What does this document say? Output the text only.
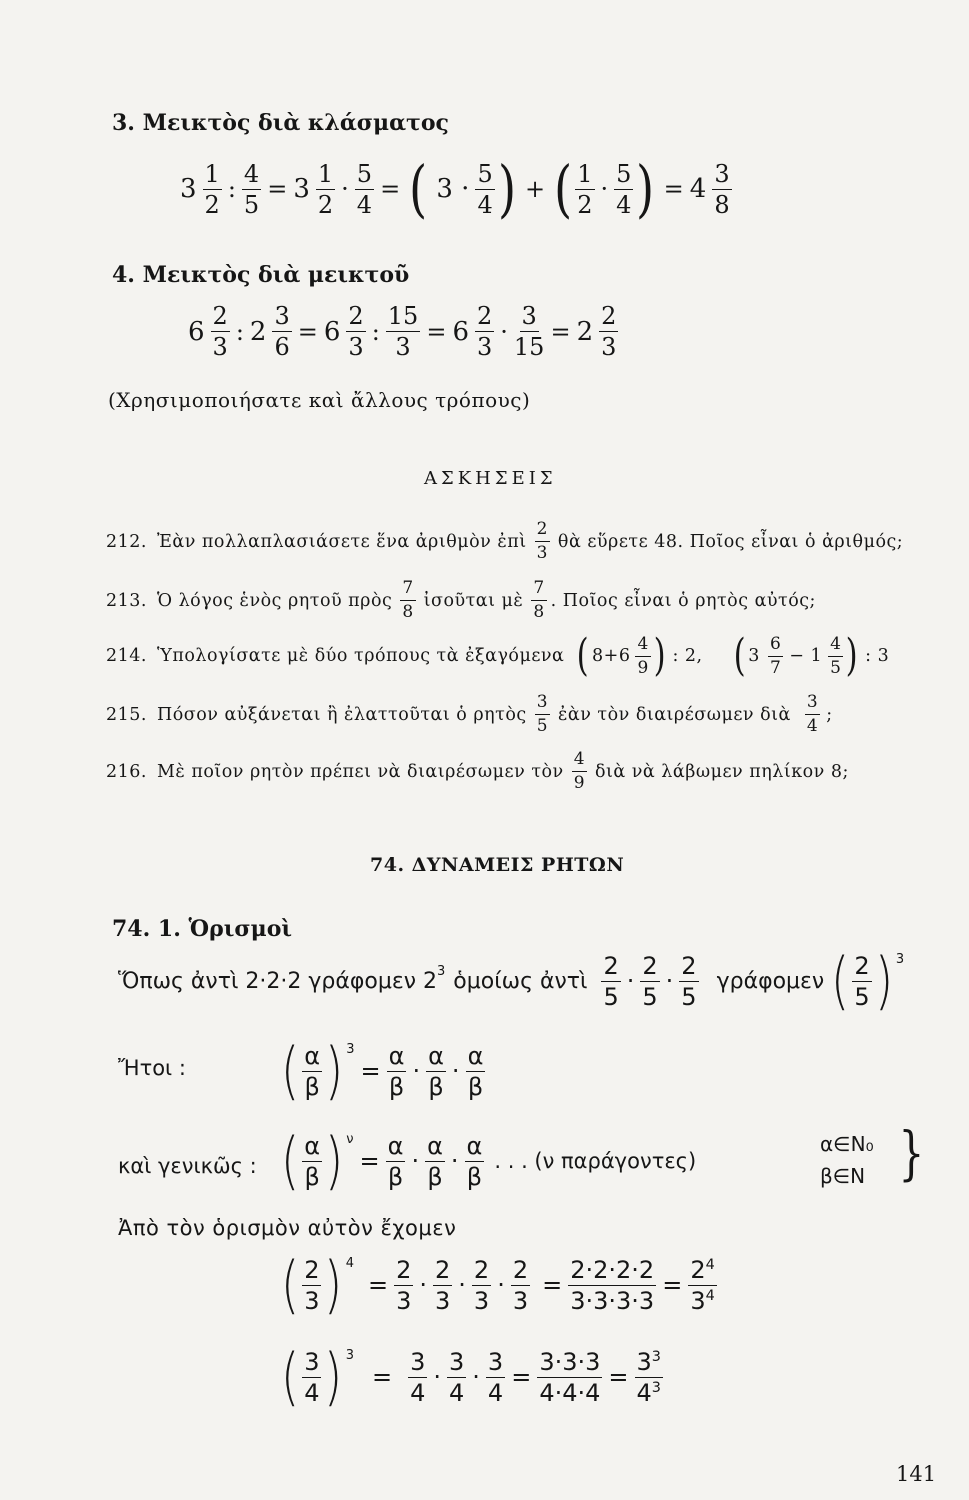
3. Μεικτὸς διὰ κλάσματος
$3 \frac{1}{2}$ : $\frac{4}{5} = 3 \frac{1}{2} \cdot \frac{5}{4}$ = ( $3 \cdot \frac{5}{4}$ ) + ( $\frac{1}{2} \cdot \frac{5}{4}$ ) = $4 \frac{3}{8}$
4. Μεικτὸς διὰ μεικτοῦ
$6 \frac{2}{3}$ : $2 \frac{3}{6} = 6 \frac{2}{3}$ : $\frac{15}{3} = 6 \frac{2}{3} \cdot \frac{3}{15} = 2 \frac{2}{3}$
(Χρησιμοποιήσατε καὶ ἄλλους τρόπους)
ΑΣΚΗΣΕΙΣ
212. Ἐὰν πολλαπλασιάσετε ἕνα ἀριθμὸν ἐπὶ $\frac{2}{3}$ θὰ εὕρετε 48. Ποῖος εἶναι ὁ ἀριθμός;
213. Ὁ λόγος ἑνὸς ρητοῦ πρὸς $\frac{7}{8}$ ἰσοῦται μὲ $\frac{7}{8}$ . Ποῖος εἶναι ὁ ρητὸς αὐτός;
214. Ὑπολογίσατε μὲ δύο τρόπους τὰ ἐξαγόμενα ( $8+6 \frac{4}{9}$ ) : 2, ( $3 \frac{6}{7} - 1 \frac{4}{5}$ ) : 3
215. Πόσον αὐξάνεται ἢ ἐλαττοῦται ὁ ρητὸς $\frac{3}{5}$ ἐὰν τὸν διαιρέσωμεν διὰ $\frac{3}{4}$ ;
216. Μὲ ποῖον ρητὸν πρέπει νὰ διαιρέσωμεν τὸν $\frac{4}{9}$ διὰ νὰ λάβωμεν πηλίκον 8;
74. ΔΥΝΑΜΕΙΣ ΡΗΤΩΝ
74. 1. Ὁρισμοὶ
Ὅπως ἀντὶ 2·2·2 γράφομεν $2^3$ ὁμοίως ἀντὶ $\frac{2}{5} \cdot \frac{2}{5} \cdot \frac{2}{5}$ γράφομεν ( $\frac{2}{5} )^3$
Ἤτοι : ( $\frac{\alpha}{\beta} )^3$
= $\frac{\alpha}{\beta} \cdot \frac{\alpha}{\beta} \cdot \frac{\alpha}{\beta}$
καὶ γενικῶς : ( $\frac{\alpha}{\beta} )^\nu$
= $\frac{\alpha}{\beta} \cdot \frac{\alpha}{\beta} \cdot \frac{\alpha}{\beta}$ . . . (ν παράγοντες)
α∈N₀
β∈N }
Ἀπὸ τὸν ὁρισμὸν αὐτὸν ἔχομεν
( $\frac{2}{3} )^4$
= $\frac{2}{3} \cdot \frac{2}{3} \cdot \frac{2}{3} \cdot \frac{2}{3} = \frac{2\cdot 2\cdot 2\cdot 2}{3\cdot 3\cdot 3\cdot 3} = \frac{2^4}{3^4}$
( $\frac{3}{4} )^3$
= $\frac{3}{4} \cdot \frac{3}{4} \cdot \frac{3}{4} = \frac{3\cdot 3\cdot 3}{4\cdot 4\cdot 4} = \frac{3^3}{4^3}$
141
